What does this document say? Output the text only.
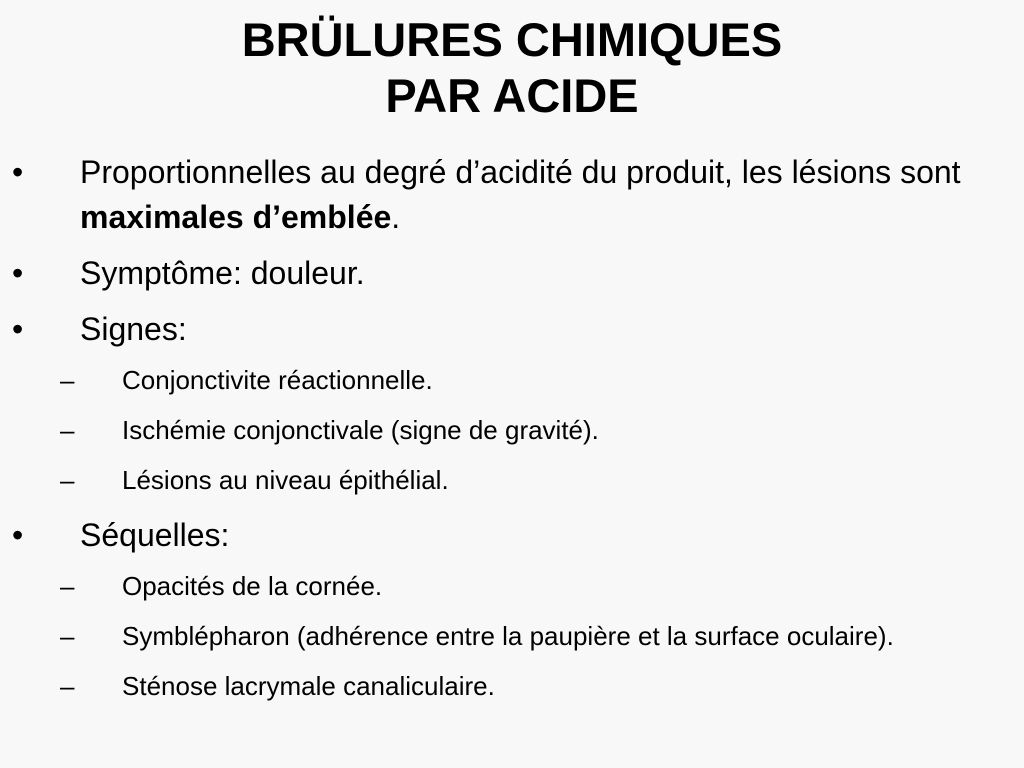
BRÜLURES CHIMIQUES
PAR ACIDE
• Proportionnelles au degré d’acidité du produit, les lésions sont maximales d’emblée.
• Symptôme: douleur.
• Signes:
– Conjonctivite réactionnelle.
– Ischémie conjonctivale (signe de gravité).
– Lésions au niveau épithélial.
• Séquelles:
– Opacités de la cornée.
– Symblépharon (adhérence entre la paupière et la surface oculaire).
– Sténose lacrymale canaliculaire.
